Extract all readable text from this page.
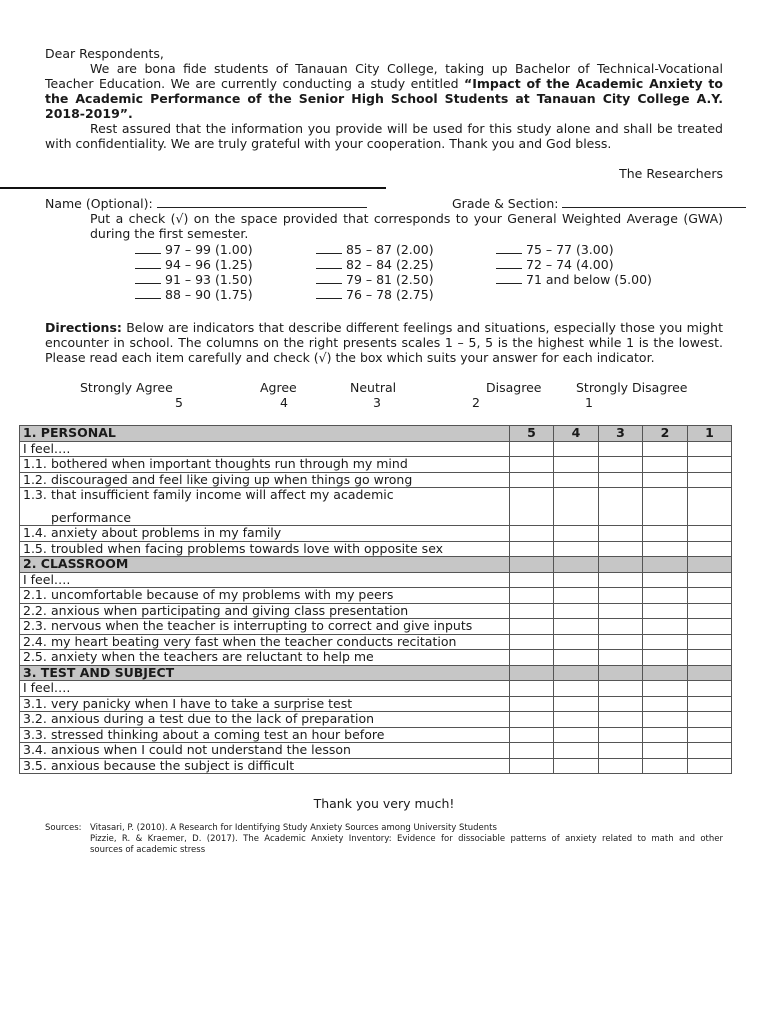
Dear Respondents,
We are bona fide students of Tanauan City College, taking up Bachelor of Technical-Vocational
Teacher Education. We are currently conducting a study entitled “Impact of the Academic Anxiety to
the Academic Performance of the Senior High School Students at Tanauan City College A.Y.
2018-2019”.
Rest assured that the information you provide will be used for this study alone and shall be treated
with confidentiality. We are truly grateful with your cooperation. Thank you and God bless.
The Researchers
Name (Optional):	Grade & Section:
Put a check (√) on the space provided that corresponds to your General Weighted Average (GWA)
during the first semester.
97 – 99 (1.00)	85 – 87 (2.00)	75 – 77 (3.00)
94 – 96 (1.25)	82 – 84 (2.25)	72 – 74 (4.00)
91 – 93 (1.50)	79 – 81 (2.50)	71 and below (5.00)
88 – 90 (1.75)	76 – 78 (2.75)
Directions: Below are indicators that describe different feelings and situations, especially those you might
encounter in school. The columns on the right presents scales 1 – 5, 5 is the highest while 1 is the lowest.
Please read each item carefully and check (√) the box which suits your answer for each indicator.
Strongly Agree	Agree	Neutral	Disagree	Strongly Disagree
5	4	3	2	1
1. PERSONAL	5	4	3	2	1
I feel….					
1.1. bothered when important thoughts run through my mind					
1.2. discouraged and feel like giving up when things go wrong					
1.3. that insufficient family income will affect my academic
performance					

1.4. anxiety about problems in my family					
1.5. troubled when facing problems towards love with opposite sex					
2. CLASSROOM					
I feel….					
2.1. uncomfortable because of my problems with my peers					
2.2. anxious when participating and giving class presentation					
2.3. nervous when the teacher is interrupting to correct and give inputs					
2.4. my heart beating very fast when the teacher conducts recitation					
2.5. anxiety when the teachers are reluctant to help me					
3. TEST AND SUBJECT					
I feel….					
3.1. very panicky when I have to take a surprise test					
3.2. anxious during a test due to the lack of preparation					
3.3. stressed thinking about a coming test an hour before					
3.4. anxious when I could not understand the lesson					
3.5. anxious because the subject is difficult					
Thank you very much!
Sources: Vitasari, P. (2010). A Research for Identifying Study Anxiety Sources among University Students
Pizzie, R. & Kraemer, D. (2017). The Academic Anxiety Inventory: Evidence for dissociable patterns of anxiety related to math and other
sources of academic stress
